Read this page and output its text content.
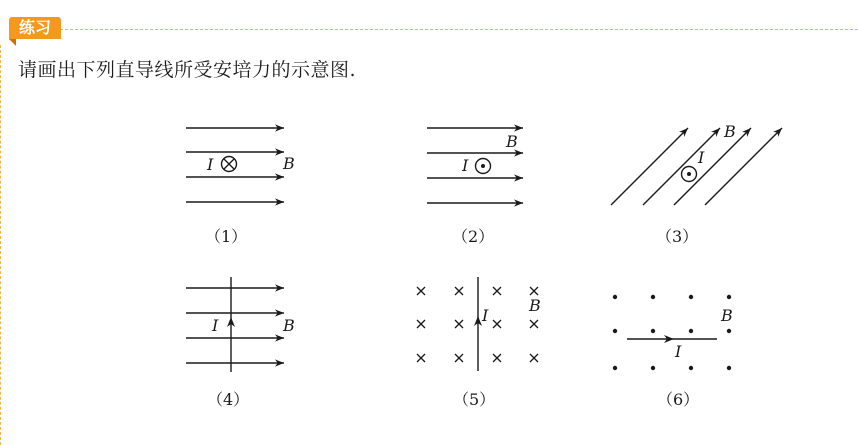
练习
请画出下列直导线所受安培力的示意图.
I	B
（1）
I
B
（2）
I
B
（3）
I	B
（4）
I
B
（5）
I
B
（6）
